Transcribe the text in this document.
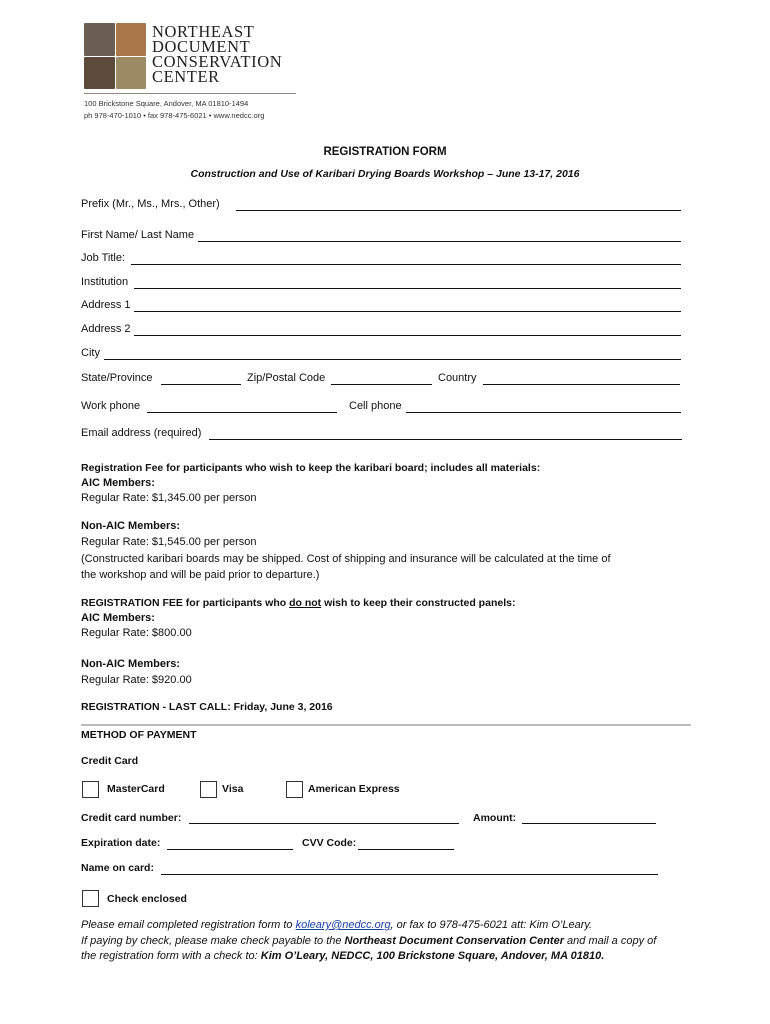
NORTHEAST
DOCUMENT
CONSERVATION
CENTER
100 Brickstone Square, Andover, MA 01810-1494
ph 978-470-1010 • fax 978-475-6021 • www.nedcc.org
REGISTRATION FORM
Construction and Use of Karibari Drying Boards Workshop – June 13-17, 2016
Prefix (Mr., Ms., Mrs., Other)
First Name/ Last Name
Job Title:
Institution
Address 1
Address 2
City
State/Province	Zip/Postal Code	Country
Work phone	Cell phone
Email address (required)
Registration Fee for participants who wish to keep the karibari board; includes all materials:
AIC Members:
Regular Rate: $1,345.00 per person
Non-AIC Members:
Regular Rate: $1,545.00 per person
(Constructed karibari boards may be shipped. Cost of shipping and insurance will be calculated at the time of
the workshop and will be paid prior to departure.)
REGISTRATION FEE for participants who do not wish to keep their constructed panels:
AIC Members:
Regular Rate: $800.00
Non-AIC Members:
Regular Rate: $920.00
REGISTRATION - LAST CALL: Friday, June 3, 2016
METHOD OF PAYMENT
Credit Card
MasterCard	Visa	American Express
Credit card number:	Amount:
Expiration date:	CVV Code:
Name on card:
Check enclosed
Please email completed registration form to koleary@nedcc.org, or fax to 978-475-6021 att: Kim O’Leary.
If paying by check, please make check payable to the Northeast Document Conservation Center and mail a copy of
the registration form with a check to: Kim O’Leary, NEDCC, 100 Brickstone Square, Andover, MA 01810.
